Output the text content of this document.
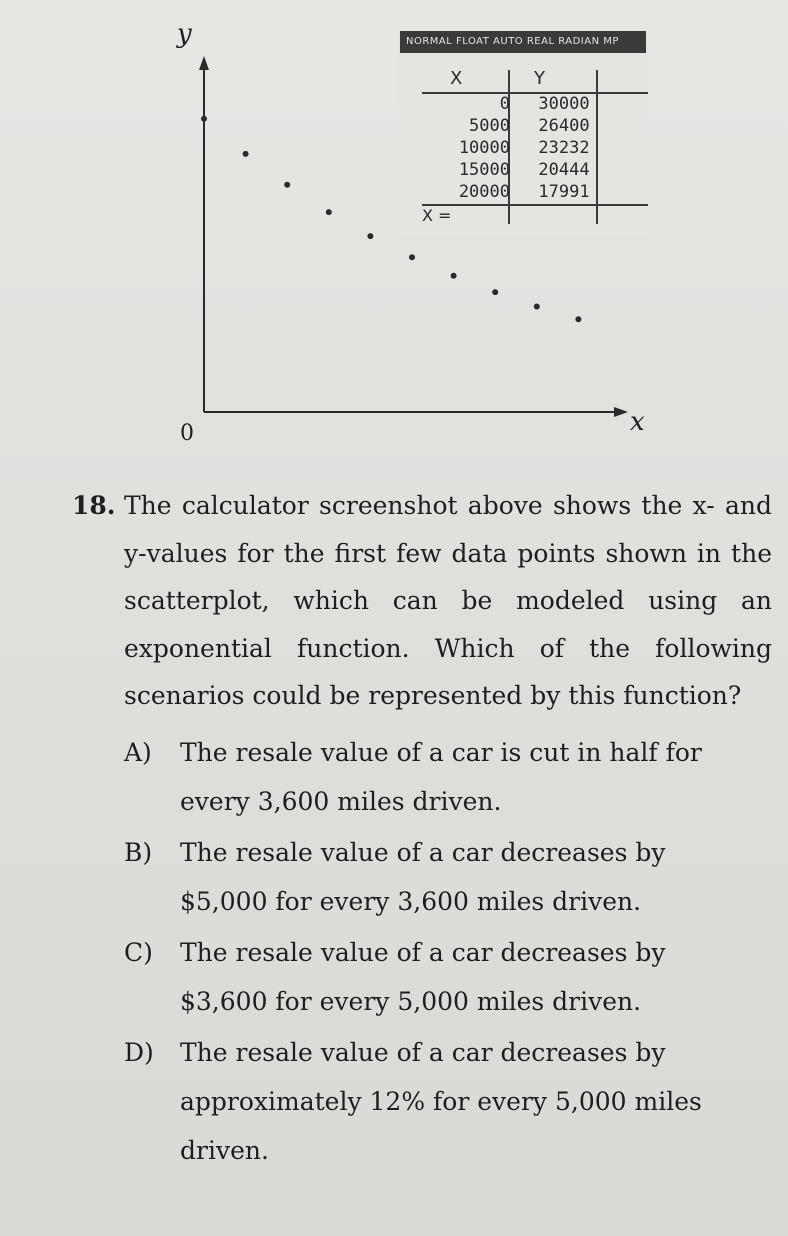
y
x
0
NORMAL FLOAT AUTO REAL RADIAN MP
X	Y
0	30000
5000	26400
10000	23232
15000	20444
20000	17991
X =
18. The calculator screenshot above shows the x- and y-values for the first few data points shown in the scatterplot, which can be modeled using an exponential function. Which of the following scenarios could be represented by this function?
A) The resale value of a car is cut in half for every 3,600 miles driven.
B) The resale value of a car decreases by $5,000 for every 3,600 miles driven.
C) The resale value of a car decreases by $3,600 for every 5,000 miles driven.
D) The resale value of a car decreases by approximately 12% for every 5,000 miles driven.
